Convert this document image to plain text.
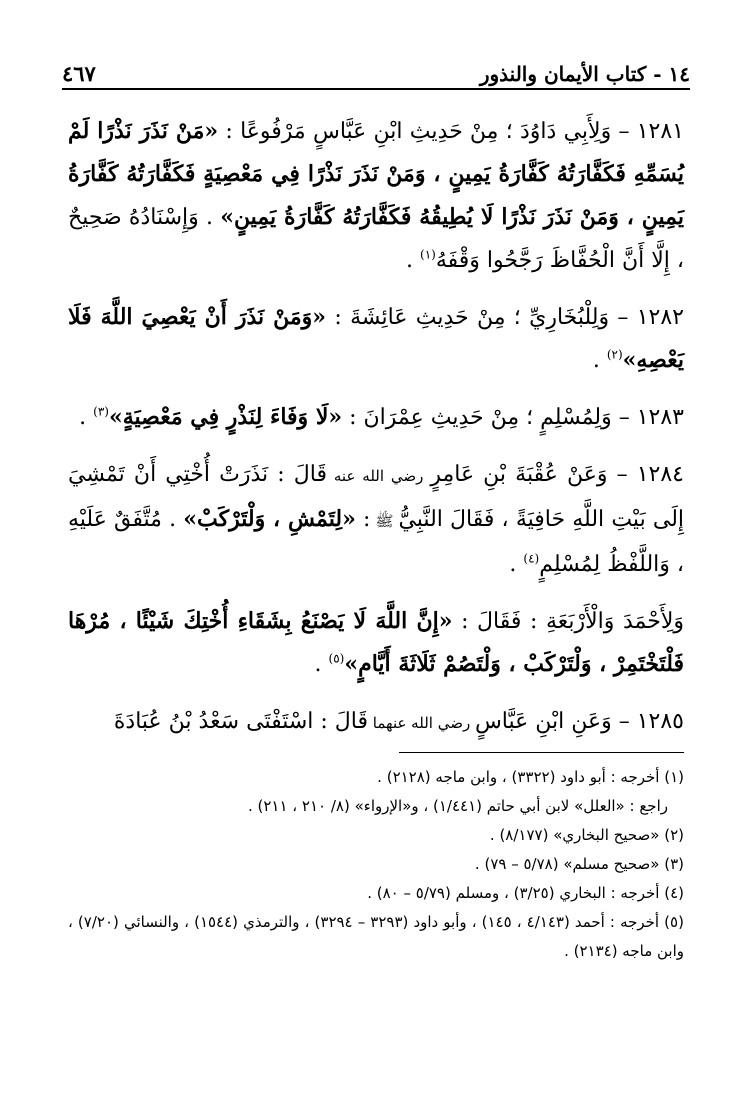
١٤ - كتاب الأيمان والنذور
٤٦٧

١٢٨١ – وَلِأَبِي دَاوُدَ ؛ مِنْ حَدِيثِ ابْنِ عَبَّاسٍ مَرْفُوعًا : «مَنْ نَذَرَ نَذْرًا لَمْ يُسَمِّهِ فَكَفَّارَتُهُ كَفَّارَةُ يَمِينٍ ، وَمَنْ نَذَرَ نَذْرًا فِي مَعْصِيَةٍ فَكَفَّارَتُهُ كَفَّارَةُ يَمِينٍ ، وَمَنْ نَذَرَ نَذْرًا لَا يُطِيقُهُ فَكَفَّارَتُهُ كَفَّارَةُ يَمِينٍ» . وَإِسْنَادُهُ صَحِيحٌ ، إِلَّا أَنَّ الْحُفَّاظَ رَجَّحُوا وَقْفَهُ$^{(١)}$ .

١٢٨٢ – وَلِلْبُخَارِيِّ ؛ مِنْ حَدِيثِ عَائِشَةَ : «وَمَنْ نَذَرَ أَنْ يَعْصِيَ اللَّهَ فَلَا يَعْصِهِ»$^{(٢)}$ .

١٢٨٣ – وَلِمُسْلِمٍ ؛ مِنْ حَدِيثِ عِمْرَانَ : «لَا وَفَاءَ لِنَذْرٍ فِي مَعْصِيَةٍ»$^{(٣)}$ .

١٢٨٤ – وَعَنْ عُقْبَةَ بْنِ عَامِرٍ رضي الله عنه قَالَ : نَذَرَتْ أُخْتِي أَنْ تَمْشِيَ إِلَى بَيْتِ اللَّهِ حَافِيَةً ، فَقَالَ النَّبِيُّ ﷺ : «لِتَمْشِ ، وَلْتَرْكَبْ» . مُتَّفَقٌ عَلَيْهِ ، وَاللَّفْظُ لِمُسْلِمٍ$^{(٤)}$ .

وَلِأَحْمَدَ وَالْأَرْبَعَةِ : فَقَالَ : «إِنَّ اللَّهَ لَا يَصْنَعُ بِشَقَاءِ أُخْتِكَ شَيْئًا ، مُرْهَا فَلْتَخْتَمِرْ ، وَلْتَرْكَبْ ، وَلْتَصُمْ ثَلَاثَةَ أَيَّامٍ»$^{(٥)}$ .

١٢٨٥ – وَعَنِ ابْنِ عَبَّاسٍ رضي الله عنهما قَالَ : اسْتَفْتَى سَعْدُ بْنُ عُبَادَةَ

(١) أخرجه : أبو داود (٣٣٢٢) ، وابن ماجه (٢١٢٨) .

راجع : «العلل» لابن أبي حاتم (١/٤٤١) ، و«الإرواء» (٨/ ٢١٠ ، ٢١١) .

(٢) «صحيح البخاري» (٨/١٧٧) .

(٣) «صحيح مسلم» (٥/٧٨ – ٧٩) .

(٤) أخرجه : البخاري (٣/٢٥) ، ومسلم (٥/٧٩ – ٨٠) .

(٥) أخرجه : أحمد (٤/١٤٣ ، ١٤٥) ، وأبو داود (٣٢٩٣ – ٣٢٩٤) ، والترمذي (١٥٤٤) ، والنسائي (٧/٢٠) ، وابن ماجه (٢١٣٤) .
